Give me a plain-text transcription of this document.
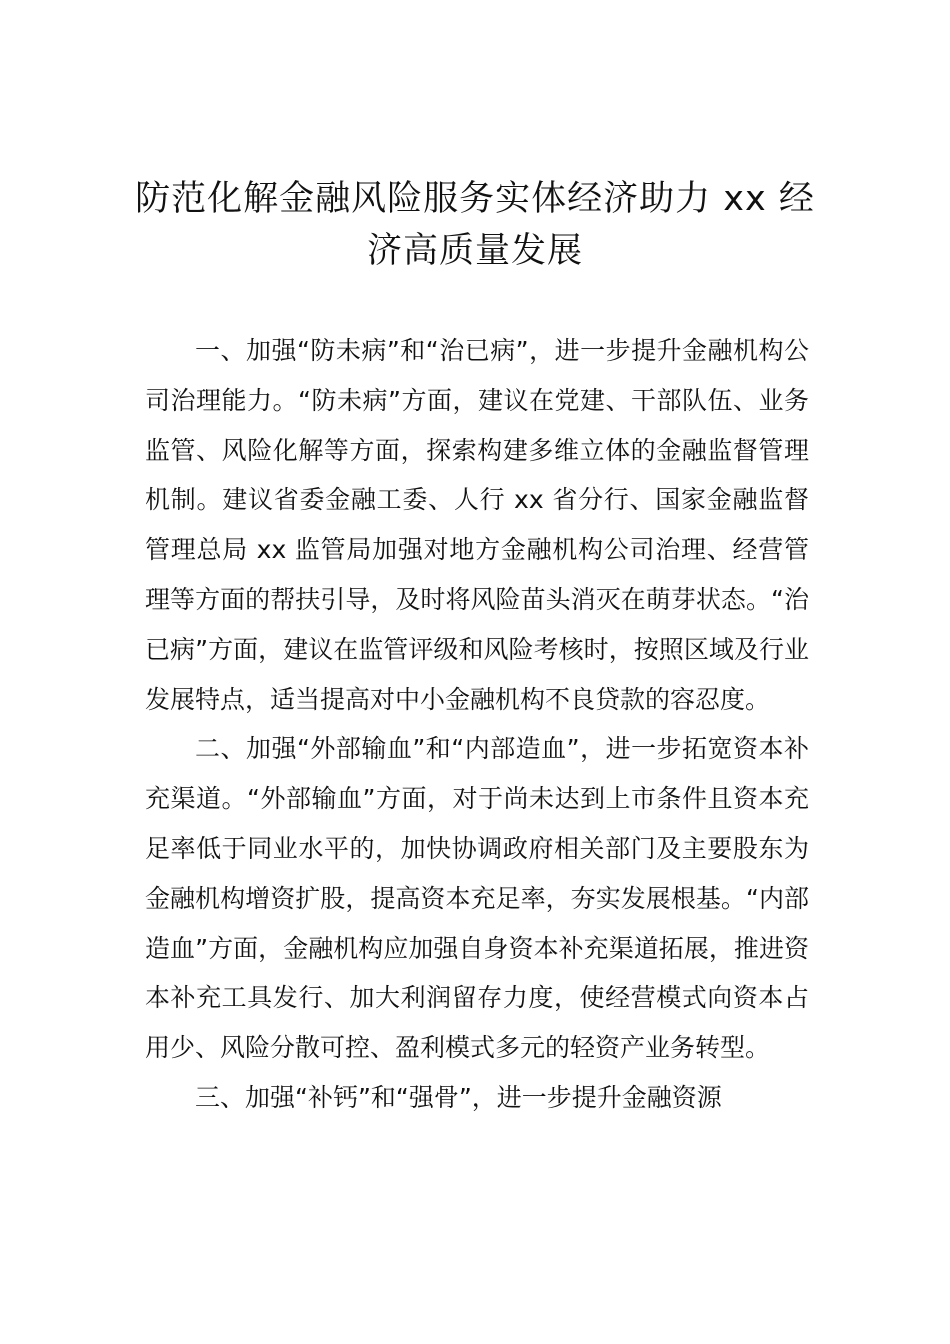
防范化解金融风险服务实体经济助力 xx 经
济高质量发展

一、加强“防未病”和“治已病”，进一步提升金融机构公司治理能力。“防未病”方面，建议在党建、干部队伍、业务监管、风险化解等方面，探索构建多维立体的金融监督管理机制。建议省委金融工委、人行 xx 省分行、国家金融监督管理总局 xx 监管局加强对地方金融机构公司治理、经营管理等方面的帮扶引导，及时将风险苗头消灭在萌芽状态。“治已病”方面，建议在监管评级和风险考核时，按照区域及行业发展特点，适当提高对中小金融机构不良贷款的容忍度。

二、加强“外部输血”和“内部造血”，进一步拓宽资本补充渠道。“外部输血”方面，对于尚未达到上市条件且资本充足率低于同业水平的，加快协调政府相关部门及主要股东为金融机构增资扩股，提高资本充足率，夯实发展根基。“内部造血”方面，金融机构应加强自身资本补充渠道拓展，推进资本补充工具发行、加大利润留存力度，使经营模式向资本占用少、风险分散可控、盈利模式多元的轻资产业务转型。

三、加强“补钙”和“强骨”，进一步提升金融资源
